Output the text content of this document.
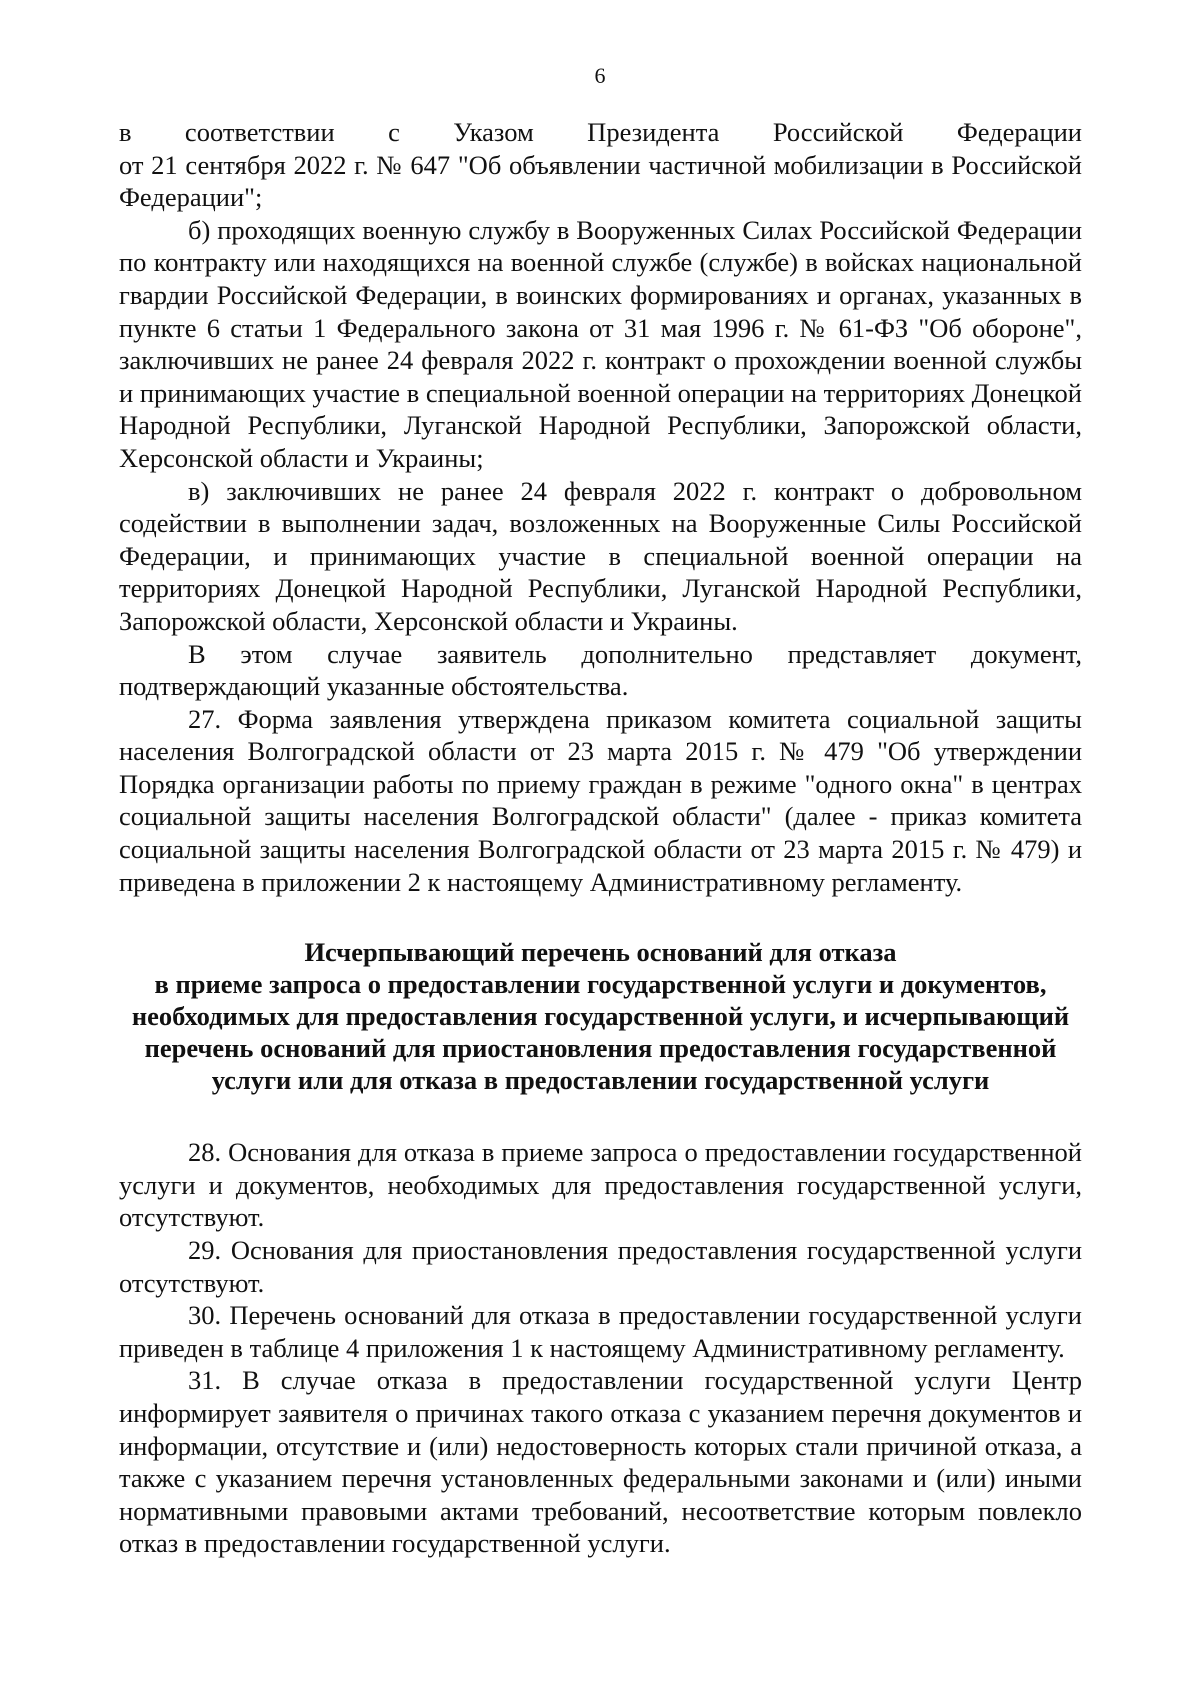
6

в соответствии с Указом Президента Российской Федерации

от 21 сентября 2022 г. № 647 "Об объявлении частичной мобилизации в Российской Федерации";

б) проходящих военную службу в Вооруженных Силах Российской Федерации по контракту или находящихся на военной службе (службе) в войсках национальной гвардии Российской Федерации, в воинских формированиях и органах, указанных в пункте 6 статьи 1 Федерального закона от 31 мая 1996 г. № 61-ФЗ "Об обороне", заключивших не ранее 24 февраля 2022 г. контракт о прохождении военной службы и принимающих участие в специальной военной операции на территориях Донецкой Народной Республики, Луганской Народной Республики, Запорожской области, Херсонской области и Украины;

в) заключивших не ранее 24 февраля 2022 г. контракт о добровольном содействии в выполнении задач, возложенных на Вооруженные Силы Российской Федерации, и принимающих участие в специальной военной операции на территориях Донецкой Народной Республики, Луганской Народной Республики, Запорожской области, Херсонской области и Украины.

В этом случае заявитель дополнительно представляет документ, подтверждающий указанные обстоятельства.

27. Форма заявления утверждена приказом комитета социальной защиты населения Волгоградской области от 23 марта 2015 г. № 479 "Об утверждении Порядка организации работы по приему граждан в режиме "одного окна" в центрах социальной защиты населения Волгоградской области" (далее - приказ комитета социальной защиты населения Волгоградской области от 23 марта 2015 г. № 479) и приведена в приложении 2 к настоящему Административному регламенту.

Исчерпывающий перечень оснований для отказа
в приеме запроса о предоставлении государственной услуги и документов,
необходимых для предоставления государственной услуги, и исчерпывающий
перечень оснований для приостановления предоставления государственной
услуги или для отказа в предоставлении государственной услуги

28. Основания для отказа в приеме запроса о предоставлении государственной услуги и документов, необходимых для предоставления государственной услуги, отсутствуют.

29. Основания для приостановления предоставления государственной услуги отсутствуют.

30. Перечень оснований для отказа в предоставлении государственной услуги приведен в таблице 4 приложения 1 к настоящему Административному регламенту.

31. В случае отказа в предоставлении государственной услуги Центр информирует заявителя о причинах такого отказа с указанием перечня документов и информации, отсутствие и (или) недостоверность которых стали причиной отказа, а также с указанием перечня установленных федеральными законами и (или) иными нормативными правовыми актами требований, несоответствие которым повлекло отказ в предоставлении государственной услуги.
